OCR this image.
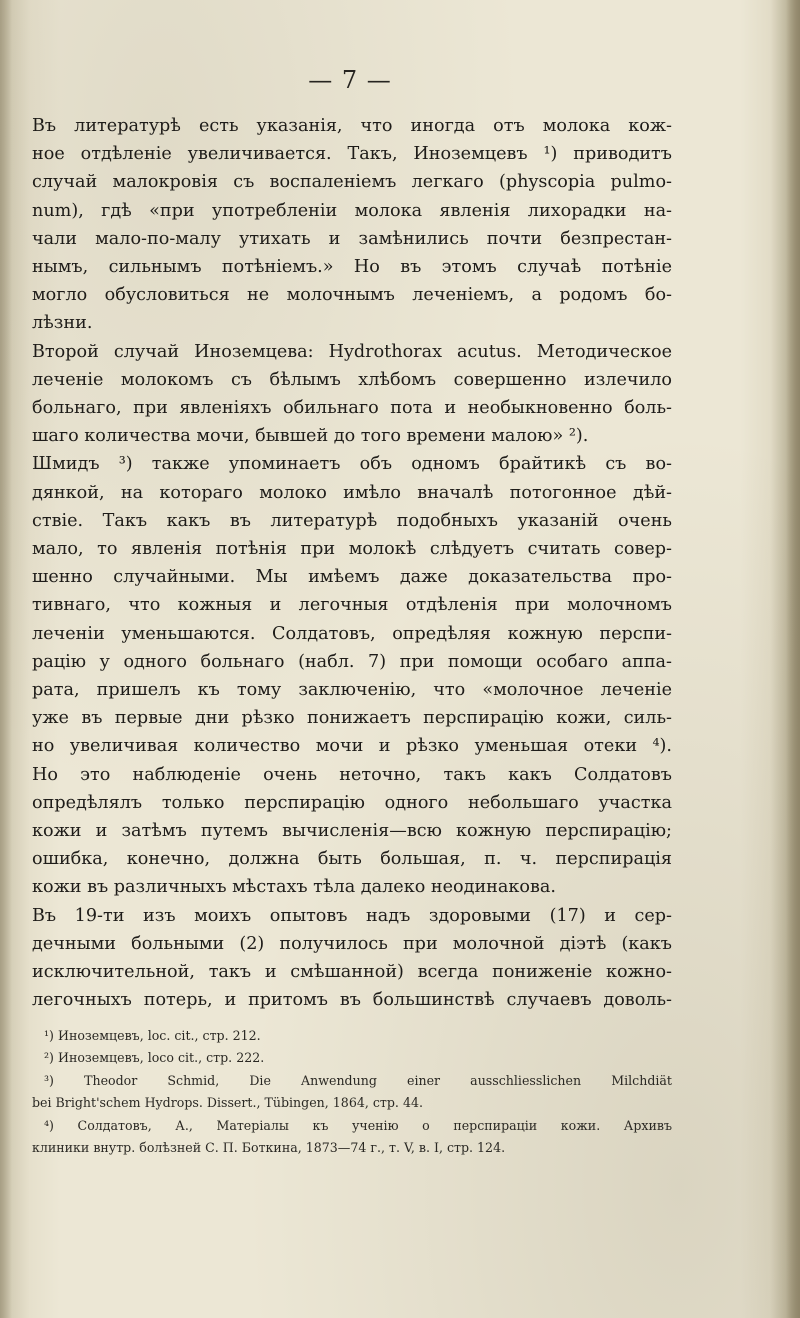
— 7 —
Въ литературѣ есть указанія, что иногда отъ молока кож-
ное отдѣленіе увеличивается. Такъ, Иноземцевъ ¹) приводитъ
случай малокровія съ воспаленіемъ легкаго (physcopia pulmo-
num), гдѣ «при употребленіи молока явленія лихорадки на-
чали мало-по-малу утихать и замѣнились почти безпрестан-
нымъ, сильнымъ потѣніемъ.» Но въ этомъ случаѣ потѣніе
могло обусловиться не молочнымъ леченіемъ, а родомъ бо-
лѣзни.
Второй случай Иноземцева: Hydrothorax acutus. Методическое
леченіе молокомъ съ бѣлымъ хлѣбомъ совершенно излечило
больнаго, при явленіяхъ обильнаго пота и необыкновенно боль-
шаго количества мочи, бывшей до того времени малою» ²).
Шмидъ ³) также упоминаетъ объ одномъ брайтикѣ съ во-
дянкой, на котораго молоко имѣло вначалѣ потогонное дѣй-
ствіе. Такъ какъ въ литературѣ подобныхъ указаній очень
мало, то явленія потѣнія при молокѣ слѣдуетъ считать совер-
шенно случайными. Мы имѣемъ даже доказательства про-
тивнаго, что кожныя и легочныя отдѣленія при молочномъ
леченіи уменьшаются. Солдатовъ, опредѣляя кожную перспи-
рацію у одного больнаго (набл. 7) при помощи особаго аппа-
рата, пришелъ къ тому заключенію, что «молочное леченіе
уже въ первые дни рѣзко понижаетъ перспирацію кожи, силь-
но увеличивая количество мочи и рѣзко уменьшая отеки ⁴).
Но это наблюденіе очень неточно, такъ какъ Солдатовъ
опредѣлялъ только перспирацію одного небольшаго участка
кожи и затѣмъ путемъ вычисленія—всю кожную перспирацію;
ошибка, конечно, должна быть большая, п. ч. перспирація
кожи въ различныхъ мѣстахъ тѣла далеко неодинакова.
Въ 19-ти изъ моихъ опытовъ надъ здоровыми (17) и сер-
дечными больными (2) получилось при молочной діэтѣ (какъ
исключительной, такъ и смѣшанной) всегда пониженіе кожно-
легочныхъ потерь, и притомъ въ большинствѣ случаевъ доволь-
¹) Иноземцевъ, loc. cit., стр. 212.
²) Иноземцевъ, loco cit., стр. 222.
³) Theodor Schmid, Die Anwendung einer ausschliesslichen Milchdiät
bei Bright'schem Hydrops. Dissert., Tübingen, 1864, стр. 44.
⁴) Солдатовъ, А., Матеріалы къ ученію о перспираціи кожи. Архивъ
клиники внутр. болѣзней С. П. Боткина, 1873—74 г., т. V, в. I, стр. 124.
